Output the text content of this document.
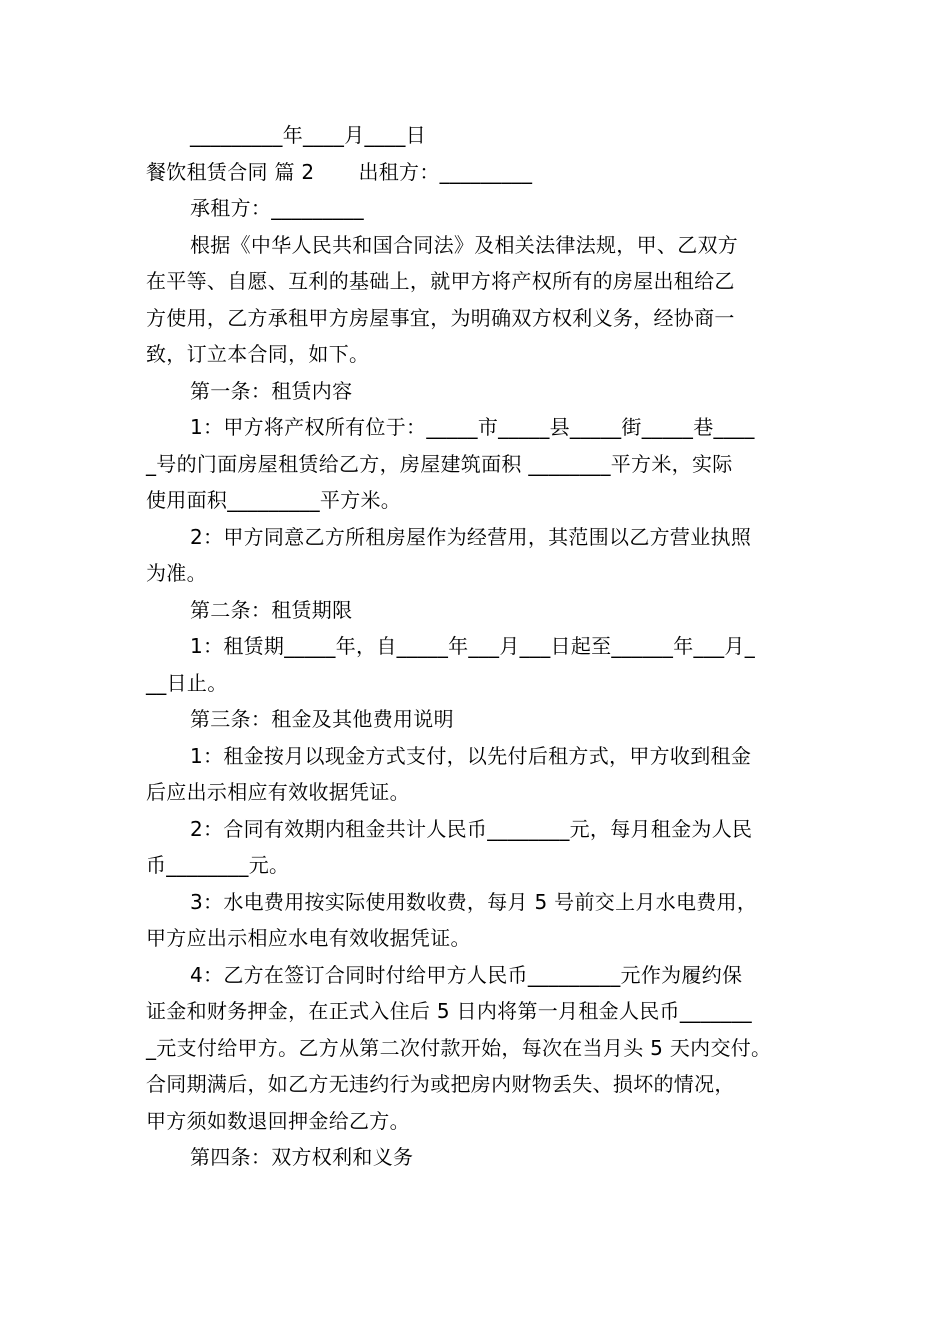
_________年____月____日
餐饮租赁合同 篇 2 出租方：_________
承租方：_________
根据《中华人民共和国合同法》及相关法律法规，甲、乙双方
在平等、自愿、互利的基础上，就甲方将产权所有的房屋出租给乙
方使用，乙方承租甲方房屋事宜，为明确双方权利义务，经协商一
致，订立本合同，如下。
第一条：租赁内容
1：甲方将产权所有位于：_____市_____县_____街_____巷____
_号的门面房屋租赁给乙方，房屋建筑面积 ________平方米，实际
使用面积_________平方米。
2：甲方同意乙方所租房屋作为经营用，其范围以乙方营业执照
为准。
第二条：租赁期限
1：租赁期_____年，自_____年___月___日起至______年___月_
__日止。
第三条：租金及其他费用说明
1：租金按月以现金方式支付，以先付后租方式，甲方收到租金
后应出示相应有效收据凭证。
2：合同有效期内租金共计人民币________元，每月租金为人民
币________元。
3：水电费用按实际使用数收费，每月 5 号前交上月水电费用，
甲方应出示相应水电有效收据凭证。
4：乙方在签订合同时付给甲方人民币_________元作为履约保
证金和财务押金，在正式入住后 5 日内将第一月租金人民币_______
_元支付给甲方。乙方从第二次付款开始，每次在当月头 5 天内交付。
合同期满后，如乙方无违约行为或把房内财物丢失、损坏的情况，
甲方须如数退回押金给乙方。
第四条：双方权利和义务
